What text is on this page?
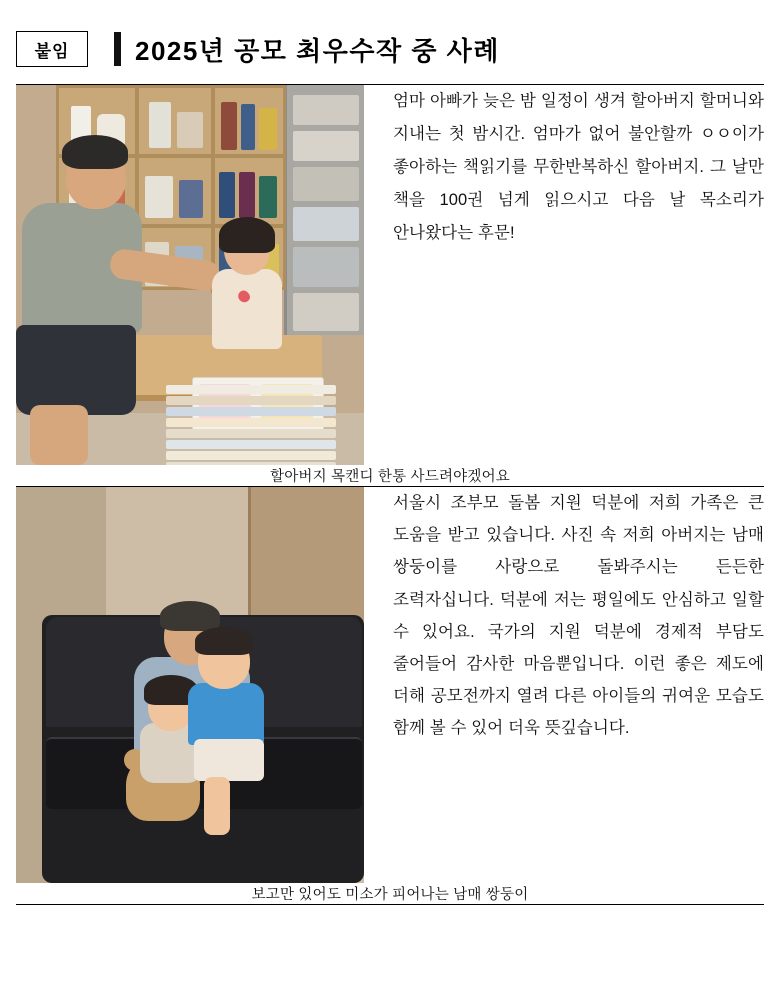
붙임	2025년 공모 최우수작 중 사례

엄마 아빠가 늦은 밤 일정이 생겨 할아버지 할머니와 지내는 첫 밤시간. 엄마가 없어 불안할까 ㅇㅇ이가 좋아하는 책읽기를 무한반복하신 할아버지. 그 날만 책을 100권 넘게 읽으시고 다음 날 목소리가 안나왔다는 후문!

할아버지 목캔디 한통 사드려야겠어요	

서울시 조부모 돌봄 지원 덕분에 저희 가족은 큰 도움을 받고 있습니다. 사진 속 저희 아버지는 남매 쌍둥이를 사랑으로 돌봐주시는 든든한 조력자십니다. 덕분에 저는 평일에도 안심하고 일할 수 있어요. 국가의 지원 덕분에 경제적 부담도 줄어들어 감사한 마음뿐입니다. 이런 좋은 제도에 더해 공모전까지 열려 다른 아이들의 귀여운 모습도 함께 볼 수 있어 더욱 뜻깊습니다.

보고만 있어도 미소가 피어나는 남매 쌍둥이	
